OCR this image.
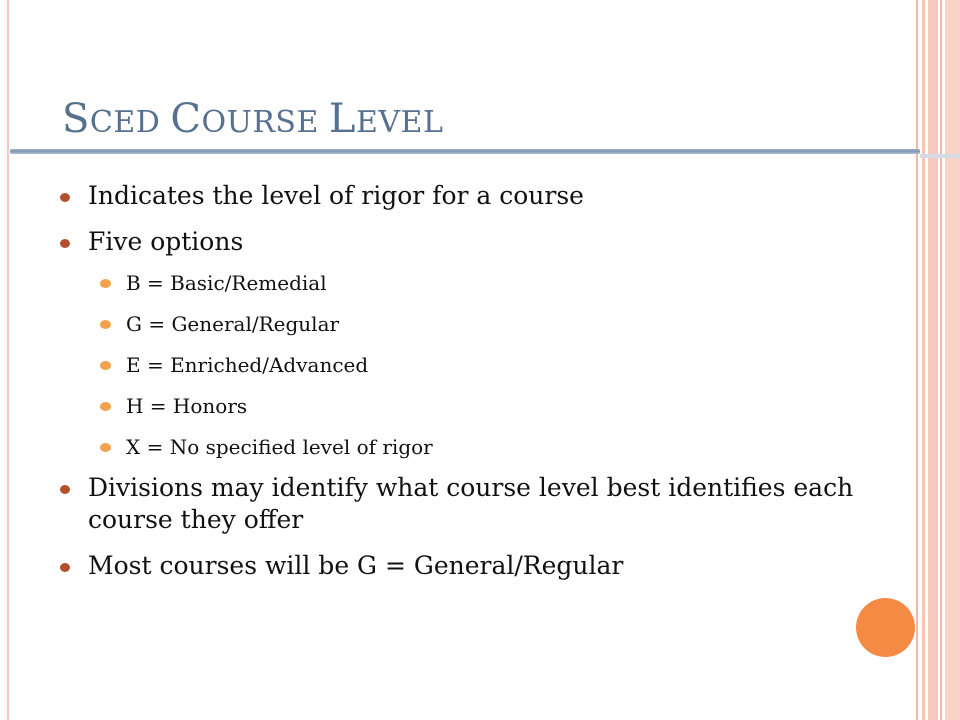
SCED COURSE LEVEL
Indicates the level of rigor for a course
Five options
B = Basic/Remedial
G = General/Regular
E = Enriched/Advanced
H = Honors
X = No specified level of rigor
Divisions may identify what course level best identifies each course they offer
Most courses will be G = General/Regular
